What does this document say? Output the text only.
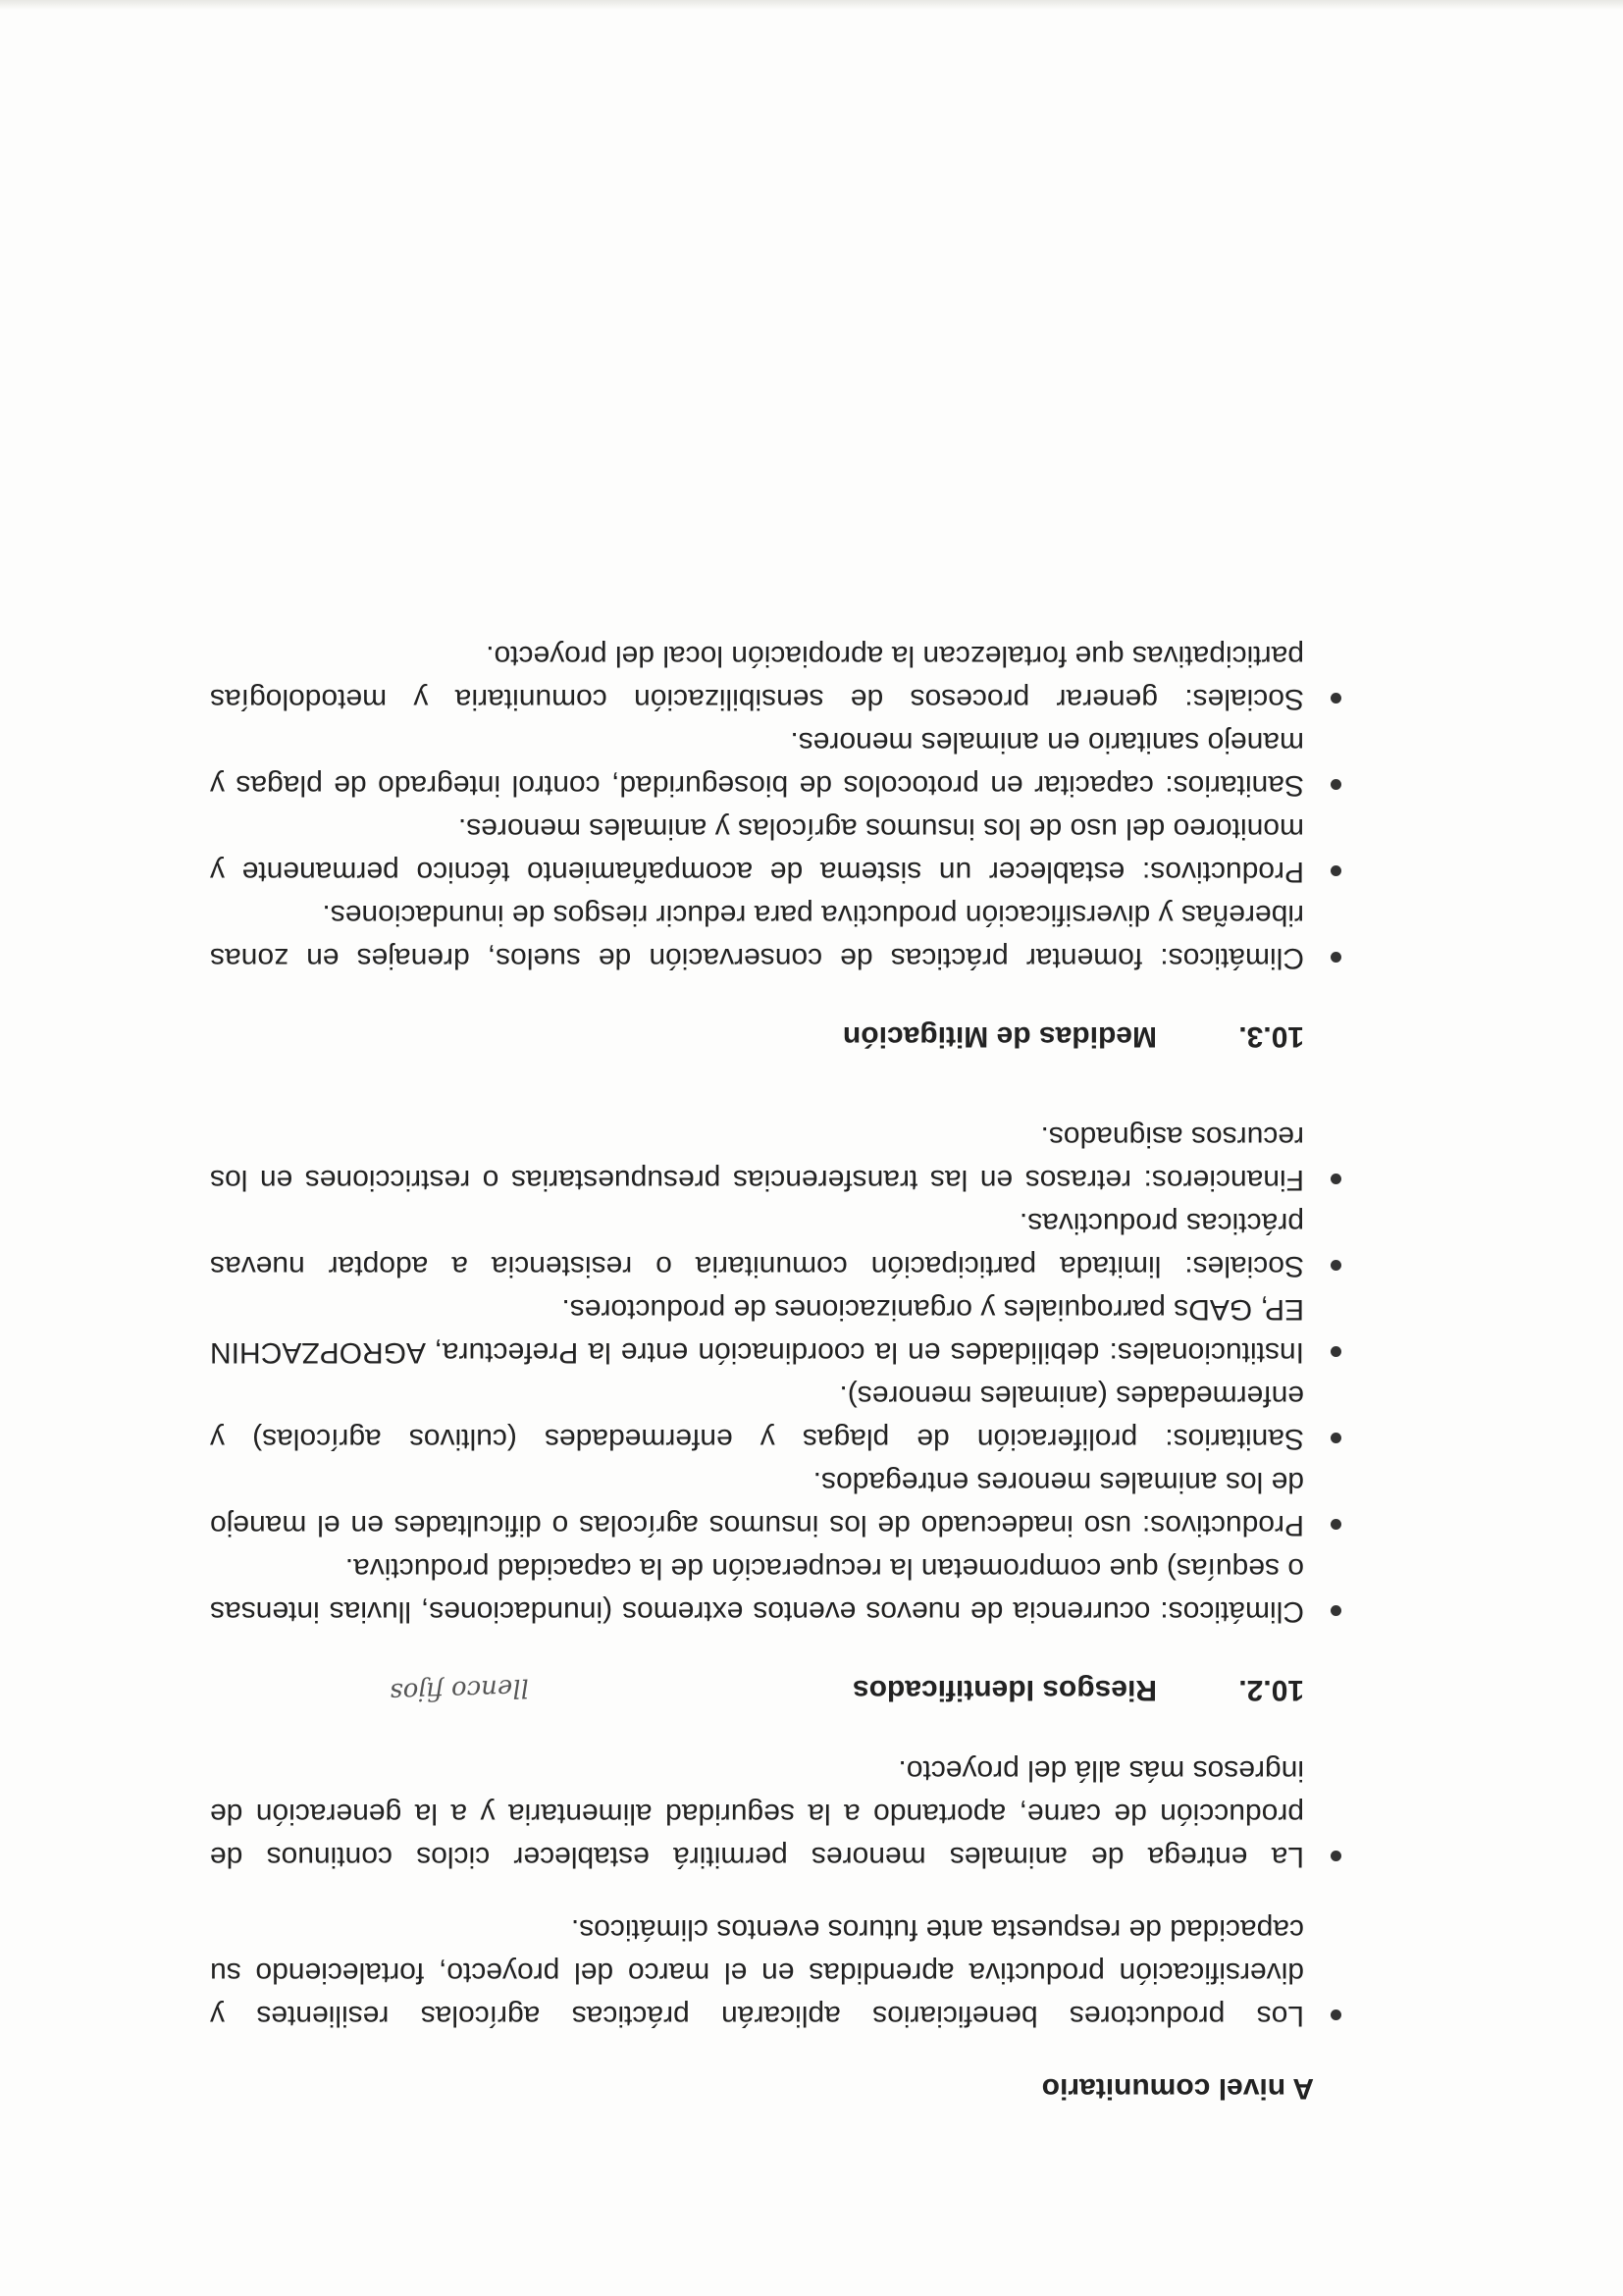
A nivel comunitario

Los productores beneficiarios aplicarán prácticas agrícolas resilientes y diversificación productiva aprendidas en el marco del proyecto, fortaleciendo su capacidad de respuesta ante futuros eventos climáticos.
La entrega de animales menores permitirá establecer ciclos continuos de producción de carne, aportando a la seguridad alimentaria y a la generación de ingresos más allá del proyecto.

10.2.Riesgos Identificados

llenco fijos
Climáticos: ocurrencia de nuevos eventos extremos (inundaciones, lluvias intensas o sequías) que comprometan la recuperación de la capacidad productiva.
Productivos: uso inadecuado de los insumos agrícolas o dificultades en el manejo de los animales menores entregados.
Sanitarios: proliferación de plagas y enfermedades (cultivos agrícolas) y enfermedades (animales menores).
Institucionales: debilidades en la coordinación entre la Prefectura, AGROPZACHIN EP, GADs parroquiales y organizaciones de productores.
Sociales: limitada participación comunitaria o resistencia a adoptar nuevas prácticas productivas.
Financieros: retrasos en las transferencias presupuestarias o restricciones en los recursos asignados.

10.3.Medidas de Mitigación

Climáticos: fomentar prácticas de conservación de suelos, drenajes en zonas ribereñas y diversificación productiva para reducir riesgos de inundaciones.
Productivos: establecer un sistema de acompañamiento técnico permanente y monitoreo del uso de los insumos agrícolas y animales menores.
Sanitarios: capacitar en protocolos de bioseguridad, control integrado de plagas y manejo sanitario en animales menores.
Sociales: generar procesos de sensibilización comunitaria y metodologías participativas que fortalezcan la apropiación local del proyecto.
